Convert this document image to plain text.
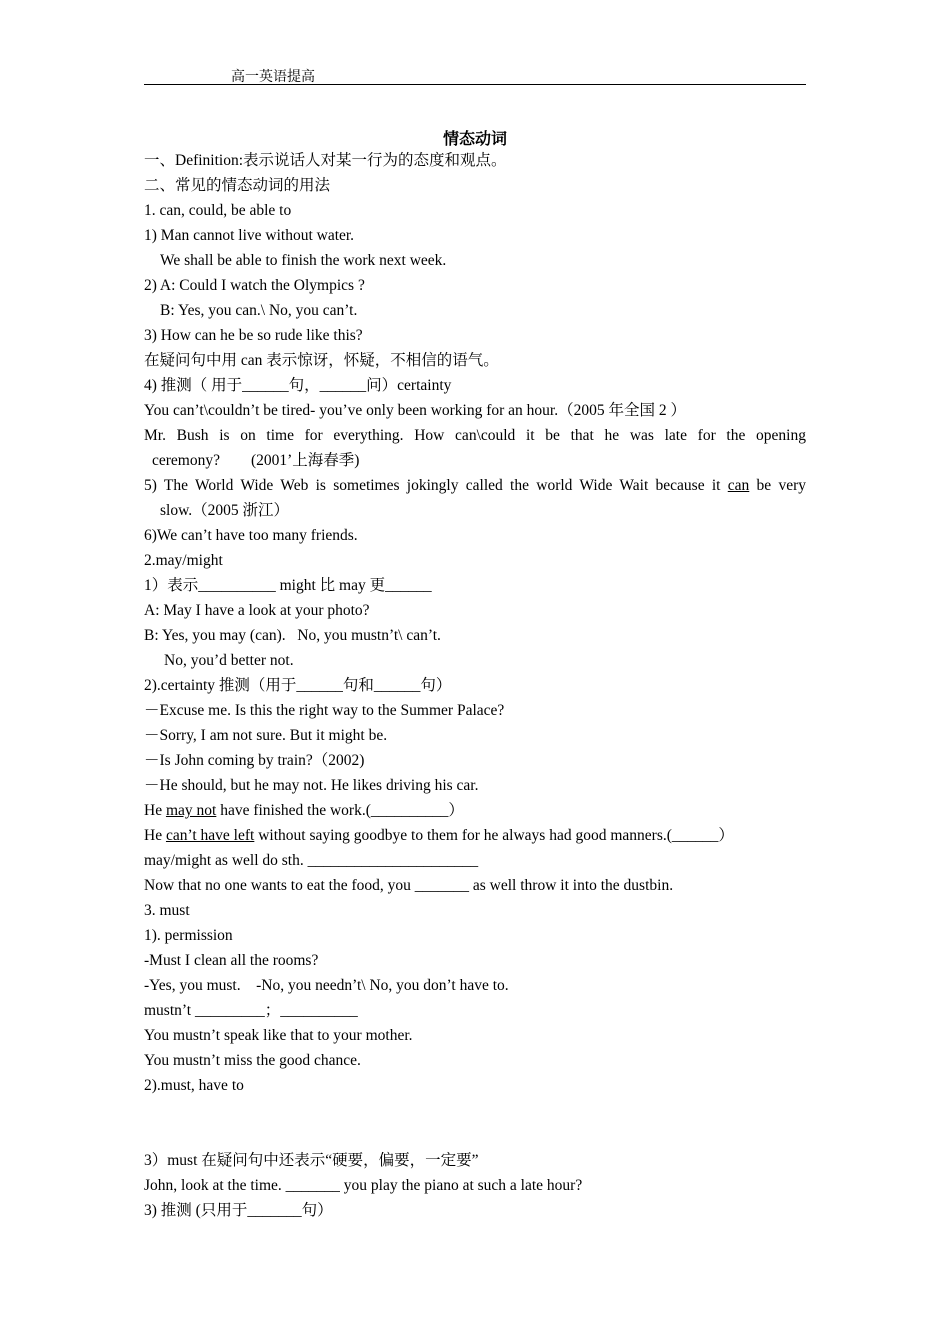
高一英语提高
情态动词
一、Definition:表示说话人对某一行为的态度和观点。
二、常见的情态动词的用法
1. can, could, be able to
1) Man cannot live without water.
We shall be able to finish the work next week.
2) A: Could I watch the Olympics ?
B: Yes, you can.\ No, you can’t.
3) How can he be so rude like this?
在疑问句中用 can 表示惊讶，怀疑，不相信的语气。
4) 推测（ 用于______句，______问）certainty
You can’t\couldn’t be tired- you’ve only been working for an hour.（2005 年全国 2 ）
Mr. Bush is on time for everything. How can\could it be that he was late for the opening
ceremony?　　(2001’上海春季)
5) The World Wide Web is sometimes jokingly called the world Wide Wait because it can be very
slow.（2005 浙江）
6)We can’t have too many friends.
2.may/might
1）表示__________ might 比 may 更______
A: May I have a look at your photo?
B: Yes, you may (can).   No, you mustn’t\ can’t.
No, you’d better not.
2).certainty 推测（用于______句和______句）
－Excuse me. Is this the right way to the Summer Palace?
－Sorry, I am not sure. But it might be.
－Is John coming by train?（2002)
－He should, but he may not. He likes driving his car.
He may not have finished the work.(__________）
He can’t have left without saying goodbye to them for he always had good manners.(______）
may/might as well do sth. ______________________
Now that no one wants to eat the food, you _______ as well throw it into the dustbin.
3. must
1). permission
-Must I clean all the rooms?
-Yes, you must.    -No, you needn’t\ No, you don’t have to.
mustn’t _________；__________
You mustn’t speak like that to your mother.
You mustn’t miss the good chance.
2).must, have to
3）must 在疑问句中还表示“硬要，偏要，一定要”
John, look at the time. _______ you play the piano at such a late hour?
3) 推测 (只用于_______句）
